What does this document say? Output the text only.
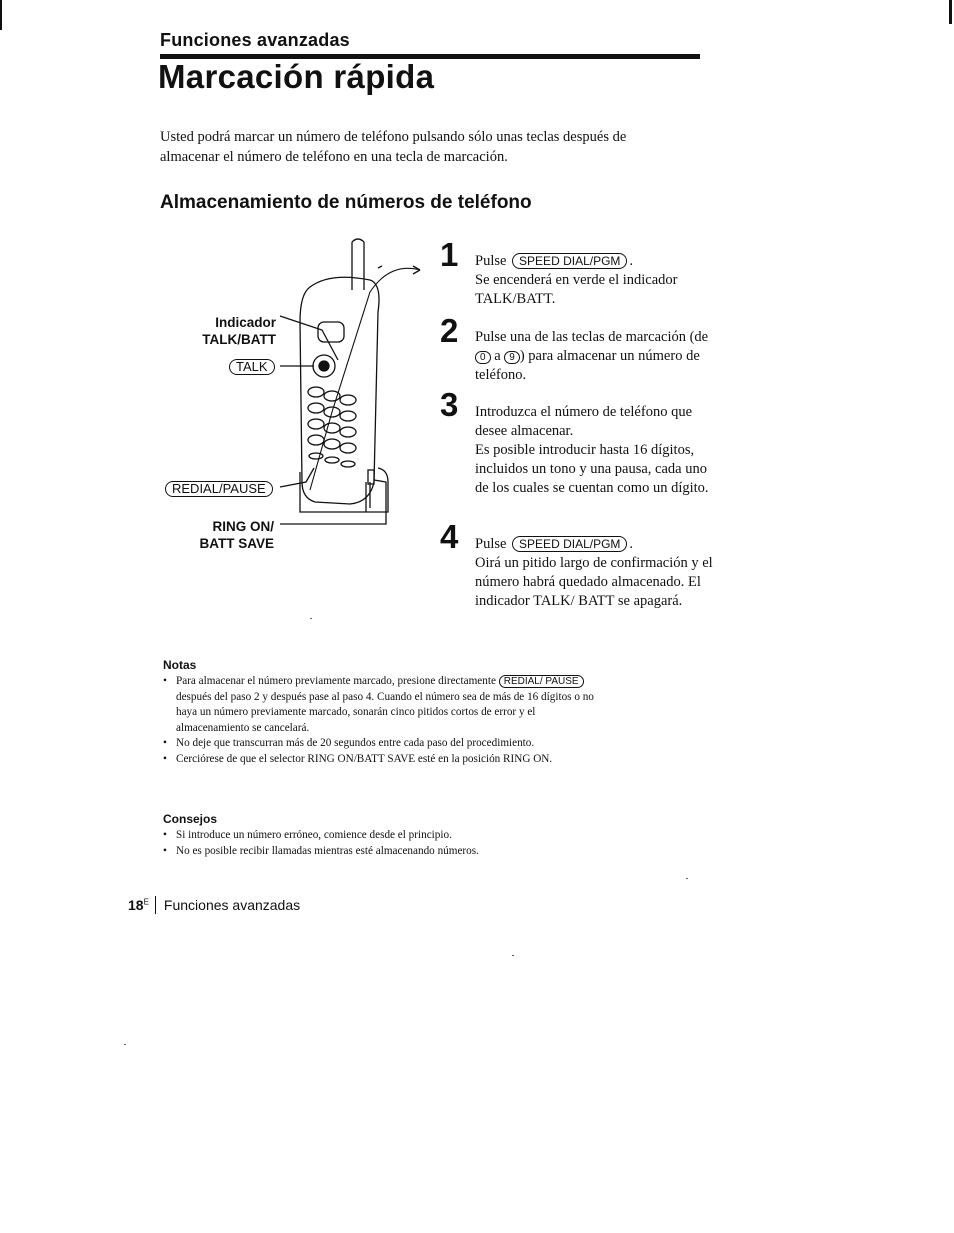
Funciones avanzadas
Marcación rápida
Usted podrá marcar un número de teléfono pulsando sólo unas teclas después de almacenar el número de teléfono en una tecla de marcación.
Almacenamiento de números de teléfono
Indicador
TALK/BATT
TALK
REDIAL/PAUSE
RING ON/
BATT SAVE
1 Pulse SPEED DIAL/PGM .
Se encenderá en verde el indicador TALK/BATT.
2 Pulse una de las teclas de marcación (de 0 a 9 ) para almacenar un número de teléfono.
3 Introduzca el número de teléfono que desee almacenar.
Es posible introducir hasta 16 dígitos, incluidos un tono y una pausa, cada uno de los cuales se cuentan como un dígito.
4 Pulse SPEED DIAL/PGM .
Oirá un pitido largo de confirmación y el número habrá quedado almacenado. El indicador TALK/ BATT se apagará.
Notas
• Para almacenar el número previamente marcado, presione directamente REDIAL/ PAUSE después del paso 2 y después pase al paso 4. Cuando el número sea de más de 16 dígitos o no haya un número previamente marcado, sonarán cinco pitidos cortos de error y el almacenamiento se cancelará.
• No deje que transcurran más de 20 segundos entre cada paso del procedimiento.
• Cerciórese de que el selector RING ON/BATT SAVE esté en la posición RING ON.
Consejos
• Si introduce un número erróneo, comience desde el principio.
• No es posible recibir llamadas mientras esté almacenando números.
$18^E$ Funciones avanzadas
